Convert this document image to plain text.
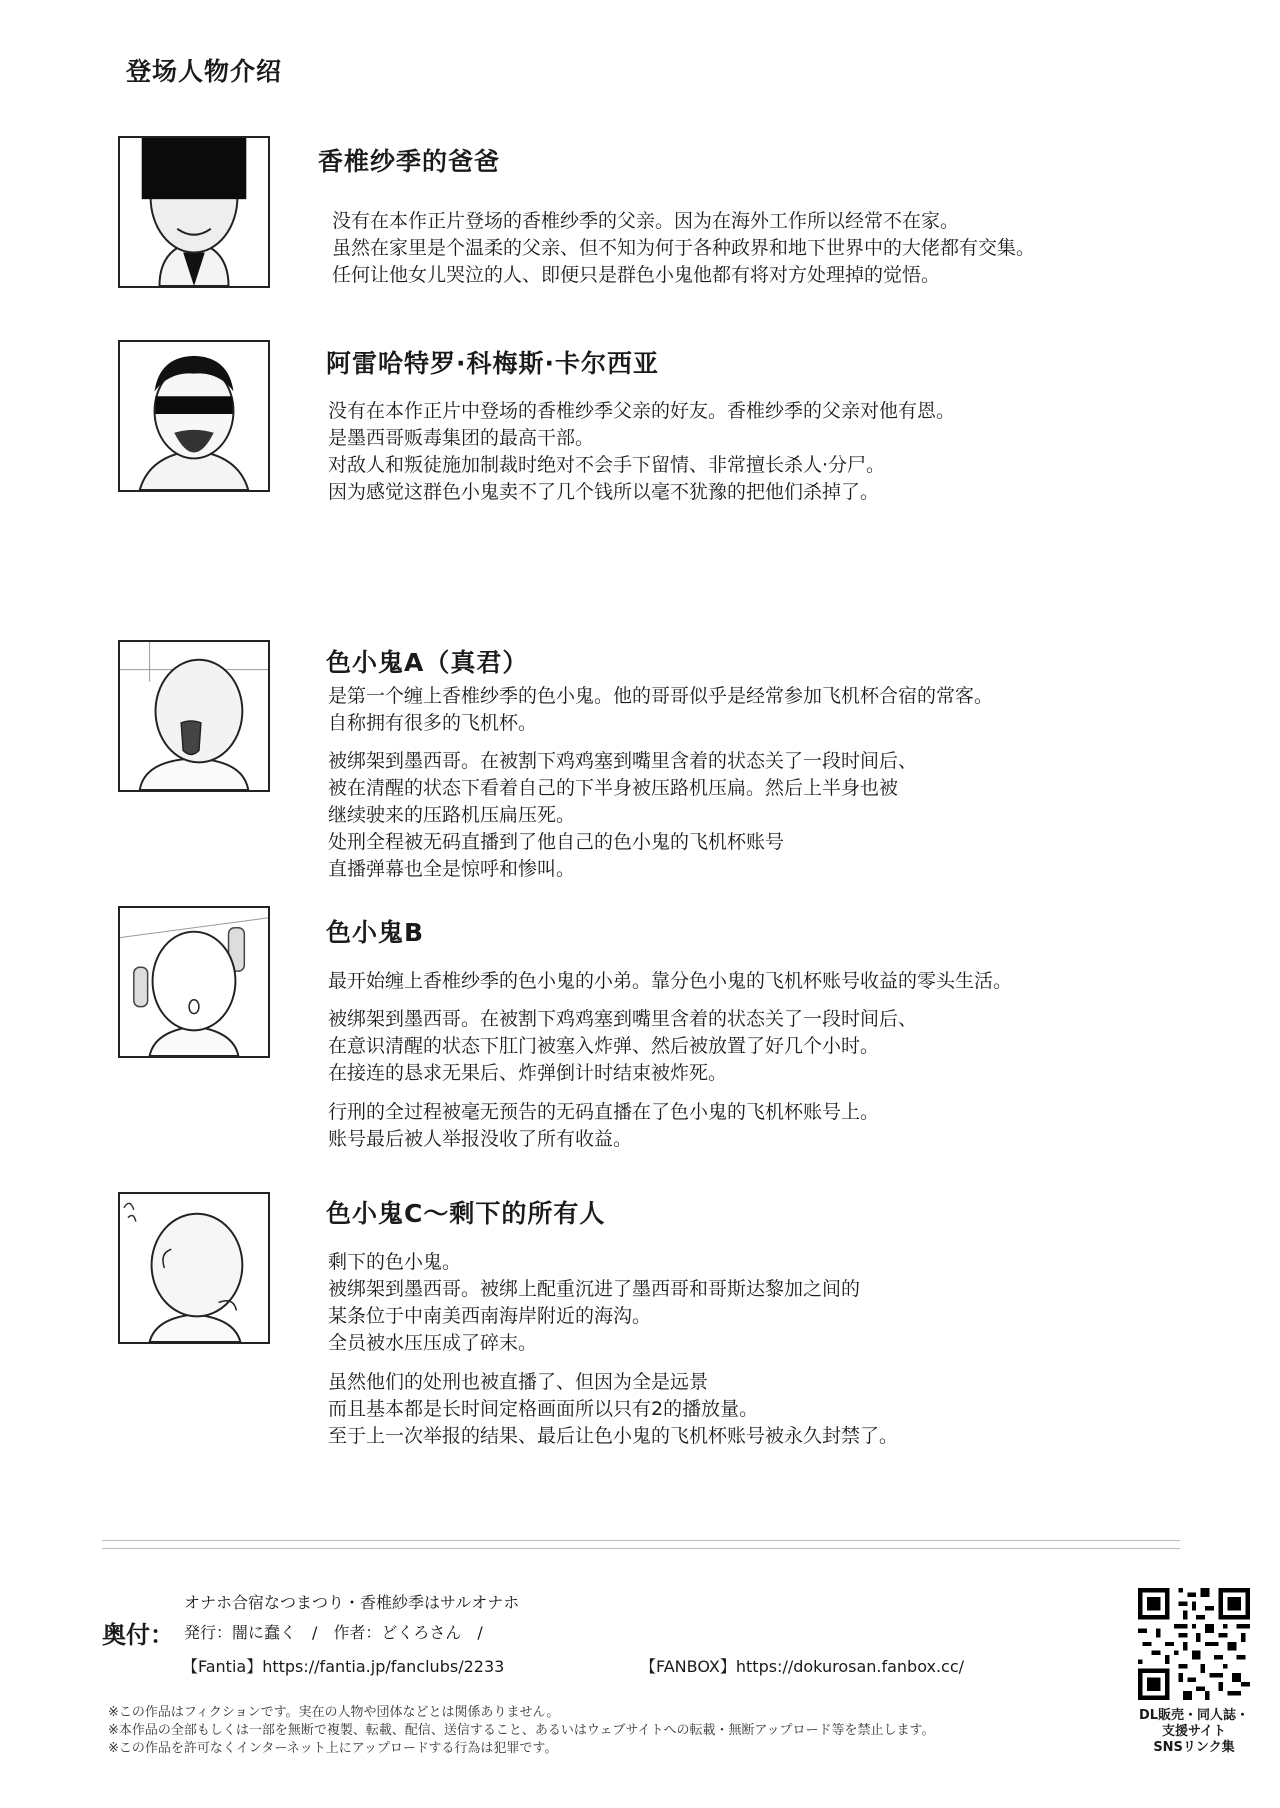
登场人物介绍
香椎纱季的爸爸
没有在本作正片登场的香椎纱季的父亲。因为在海外工作所以经常不在家。
虽然在家里是个温柔的父亲、但不知为何于各种政界和地下世界中的大佬都有交集。
任何让他女儿哭泣的人、即便只是群色小鬼他都有将对方处理掉的觉悟。
阿雷哈特罗·科梅斯·卡尔西亚
没有在本作正片中登场的香椎纱季父亲的好友。香椎纱季的父亲对他有恩。
是墨西哥贩毒集团的最高干部。
对敌人和叛徒施加制裁时绝对不会手下留情、非常擅长杀人·分尸。
因为感觉这群色小鬼卖不了几个钱所以毫不犹豫的把他们杀掉了。
色小鬼A（真君）
是第一个缠上香椎纱季的色小鬼。他的哥哥似乎是经常参加飞机杯合宿的常客。
自称拥有很多的飞机杯。
被绑架到墨西哥。在被割下鸡鸡塞到嘴里含着的状态关了一段时间后、
被在清醒的状态下看着自己的下半身被压路机压扁。然后上半身也被
继续驶来的压路机压扁压死。
处刑全程被无码直播到了他自己的色小鬼的飞机杯账号
直播弹幕也全是惊呼和惨叫。
色小鬼B
最开始缠上香椎纱季的色小鬼的小弟。靠分色小鬼的飞机杯账号收益的零头生活。
被绑架到墨西哥。在被割下鸡鸡塞到嘴里含着的状态关了一段时间后、
在意识清醒的状态下肛门被塞入炸弹、然后被放置了好几个小时。
在接连的恳求无果后、炸弹倒计时结束被炸死。
行刑的全过程被毫无预告的无码直播在了色小鬼的飞机杯账号上。
账号最后被人举报没收了所有收益。
色小鬼C～剩下的所有人
剩下的色小鬼。
被绑架到墨西哥。被绑上配重沉进了墨西哥和哥斯达黎加之间的
某条位于中南美西南海岸附近的海沟。
全员被水压压成了碎末。
虽然他们的处刑也被直播了、但因为全是远景
而且基本都是长时间定格画面所以只有2的播放量。
至于上一次举报的结果、最后让色小鬼的飞机杯账号被永久封禁了。
奥付：
オナホ合宿なつまつり・香椎紗季はサルオナホ
発行：闇に蠢く　/　作者：どくろさん　/
【Fantia】https://fantia.jp/fanclubs/2233	【FANBOX】https://dokurosan.fanbox.cc/
※この作品はフィクションです。実在の人物や団体などとは関係ありません。
※本作品の全部もしくは一部を無断で複製、転載、配信、送信すること、あるいはウェブサイトへの転載・無断アップロード等を禁止します。
※この作品を許可なくインターネット上にアップロードする行為は犯罪です。
DL販売・同人誌・
支援サイト
SNSリンク集
